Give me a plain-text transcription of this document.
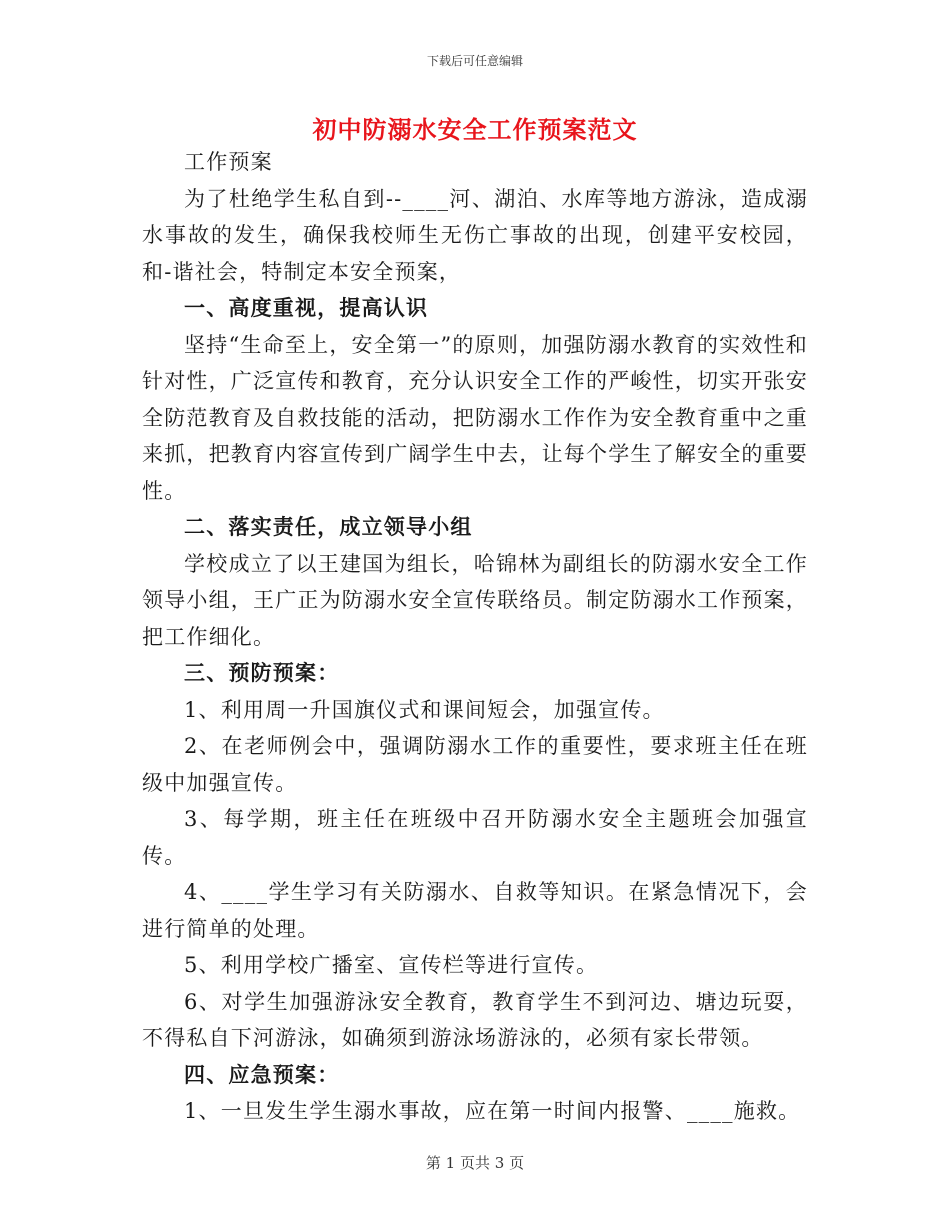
下载后可任意编辑
初中防溺水安全工作预案范文

工作预案

为了杜绝学生私自到--____河、湖泊、水库等地方游泳，造成溺水事故的发生，确保我校师生无伤亡事故的出现，创建平安校园，和-谐社会，特制定本安全预案，

一、高度重视，提高认识

坚持“生命至上，安全第一”的原则，加强防溺水教育的实效性和针对性，广泛宣传和教育，充分认识安全工作的严峻性，切实开张安全防范教育及自救技能的活动，把防溺水工作作为安全教育重中之重来抓，把教育内容宣传到广阔学生中去，让每个学生了解安全的重要性。

二、落实责任，成立领导小组

学校成立了以王建国为组长，哈锦林为副组长的防溺水安全工作领导小组，王广正为防溺水安全宣传联络员。制定防溺水工作预案，把工作细化。

三、预防预案：

1、利用周一升国旗仪式和课间短会，加强宣传。

2、在老师例会中，强调防溺水工作的重要性，要求班主任在班级中加强宣传。

3、每学期，班主任在班级中召开防溺水安全主题班会加强宣传。

4、____学生学习有关防溺水、自救等知识。在紧急情况下，会进行简单的处理。

5、利用学校广播室、宣传栏等进行宣传。

6、对学生加强游泳安全教育，教育学生不到河边、塘边玩耍，不得私自下河游泳，如确须到游泳场游泳的，必须有家长带领。

四、应急预案：

1、一旦发生学生溺水事故，应在第一时间内报警、____施救。

第 1 页共 3 页
